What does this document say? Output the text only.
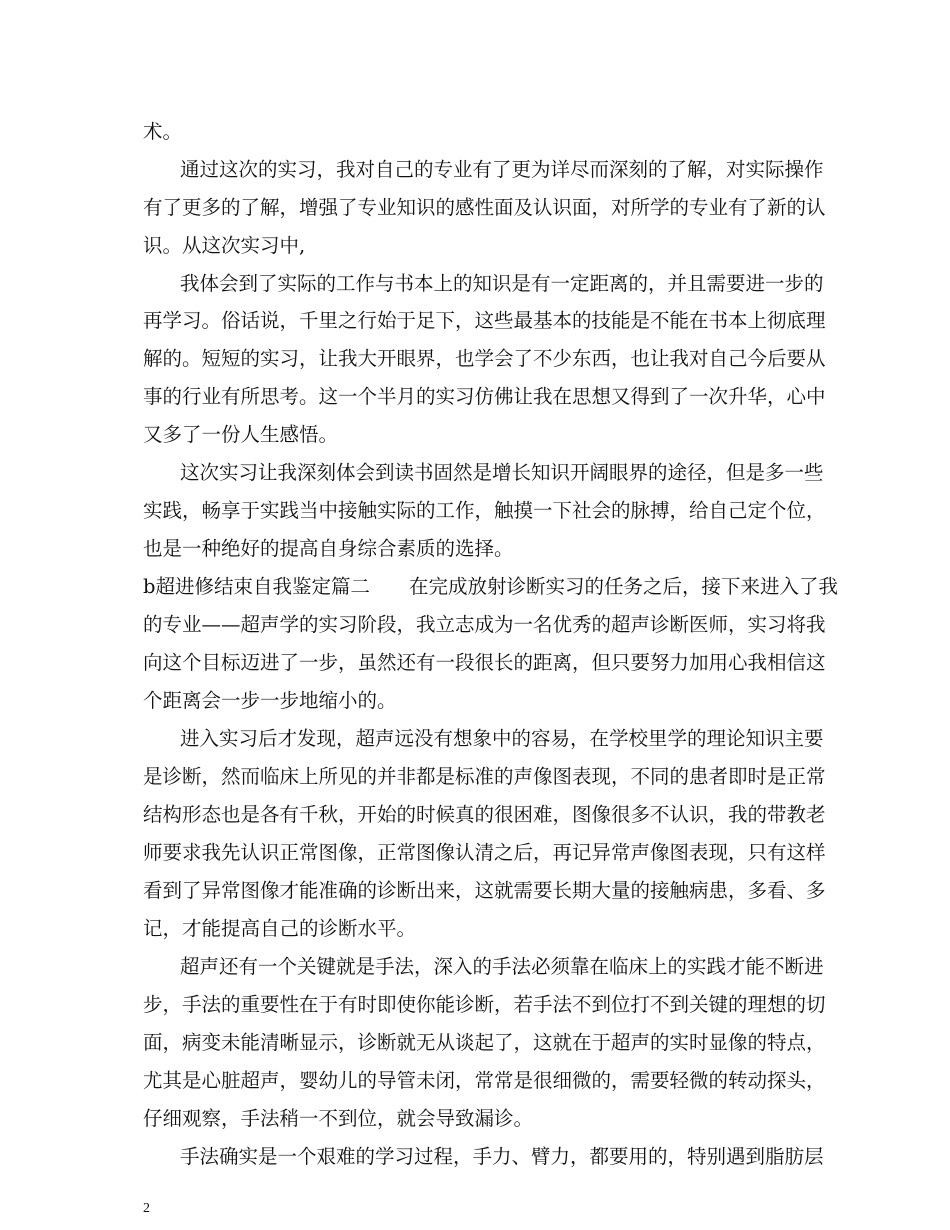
术。
通过这次的实习，我对自己的专业有了更为详尽而深刻的了解，对实际操作
有了更多的了解，增强了专业知识的感性面及认识面，对所学的专业有了新的认
识。从这次实习中,
我体会到了实际的工作与书本上的知识是有一定距离的，并且需要进一步的
再学习。俗话说，千里之行始于足下，这些最基本的技能是不能在书本上彻底理
解的。短短的实习，让我大开眼界，也学会了不少东西，也让我对自己今后要从
事的行业有所思考。这一个半月的实习仿佛让我在思想又得到了一次升华，心中
又多了一份人生感悟。
这次实习让我深刻体会到读书固然是增长知识开阔眼界的途径，但是多一些
实践，畅享于实践当中接触实际的工作，触摸一下社会的脉搏，给自己定个位，
也是一种绝好的提高自身综合素质的选择。
b超进修结束自我鉴定篇二　　在完成放射诊断实习的任务之后，接下来进入了我
的专业——超声学的实习阶段，我立志成为一名优秀的超声诊断医师，实习将我
向这个目标迈进了一步，虽然还有一段很长的距离，但只要努力加用心我相信这
个距离会一步一步地缩小的。
进入实习后才发现，超声远没有想象中的容易，在学校里学的理论知识主要
是诊断，然而临床上所见的并非都是标准的声像图表现，不同的患者即时是正常
结构形态也是各有千秋，开始的时候真的很困难，图像很多不认识，我的带教老
师要求我先认识正常图像，正常图像认清之后，再记异常声像图表现，只有这样
看到了异常图像才能准确的诊断出来，这就需要长期大量的接触病患，多看、多
记，才能提高自己的诊断水平。
超声还有一个关键就是手法，深入的手法必须靠在临床上的实践才能不断进
步，手法的重要性在于有时即使你能诊断，若手法不到位打不到关键的理想的切
面，病变未能清晰显示，诊断就无从谈起了，这就在于超声的实时显像的特点，
尤其是心脏超声，婴幼儿的导管未闭，常常是很细微的，需要轻微的转动探头，
仔细观察，手法稍一不到位，就会导致漏诊。
手法确实是一个艰难的学习过程，手力、臂力，都要用的，特别遇到脂肪层
2
